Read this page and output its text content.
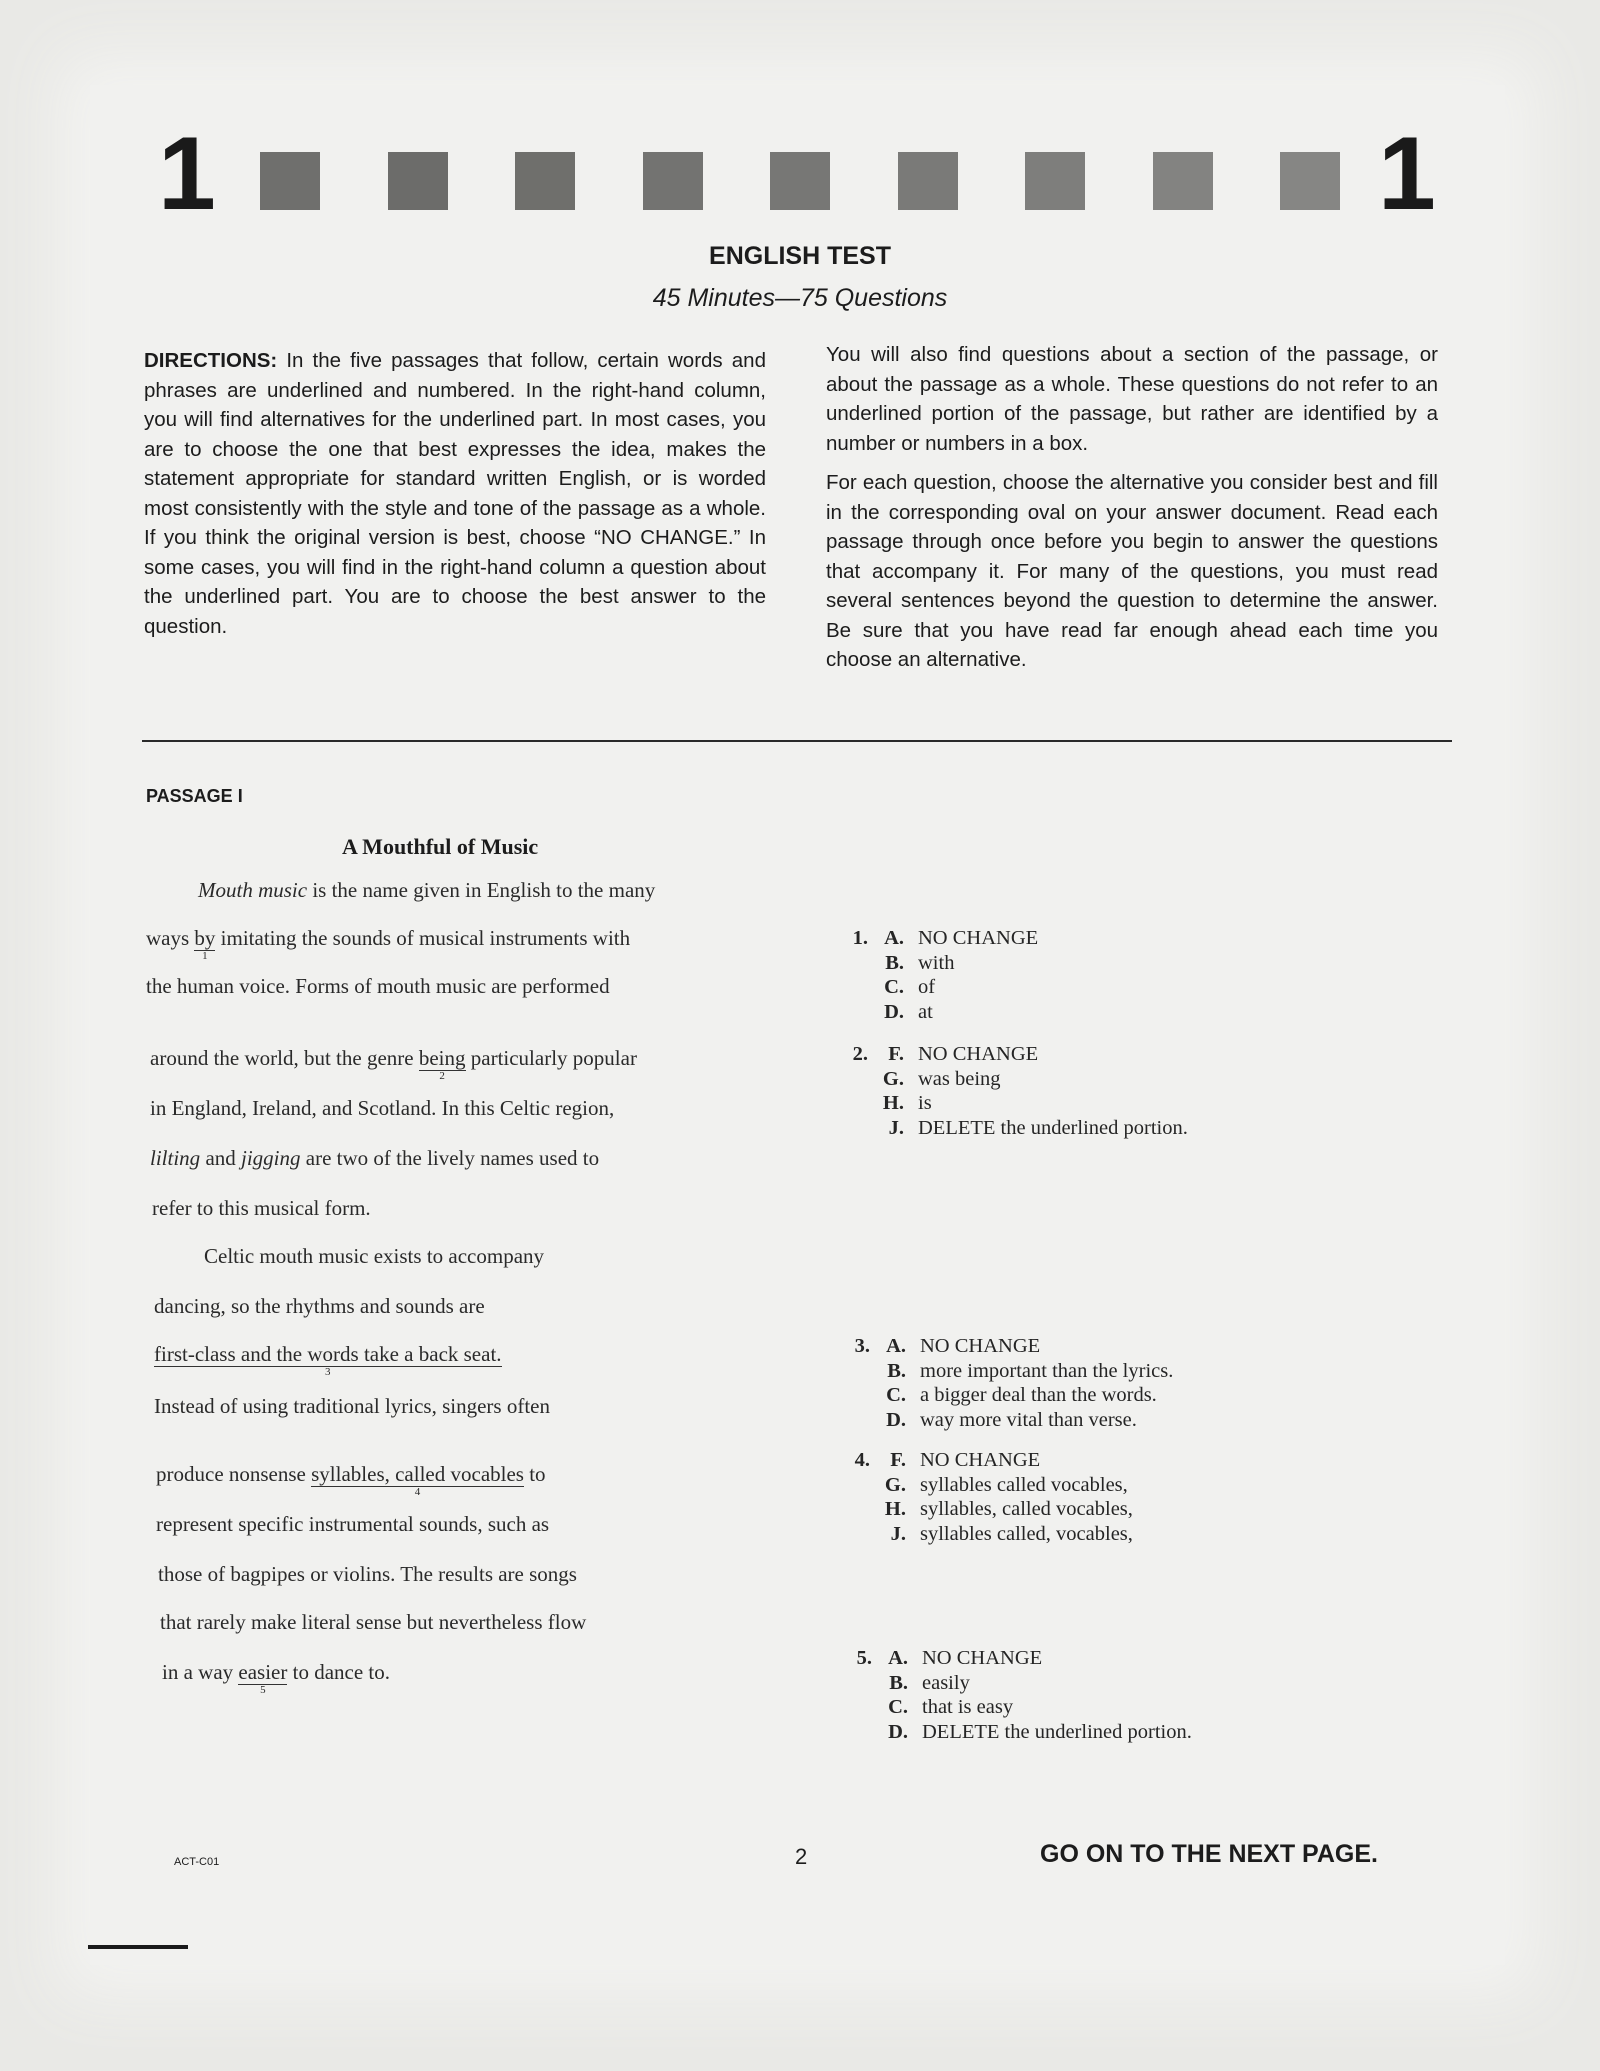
1	1
ENGLISH TEST
45 Minutes—75 Questions

DIRECTIONS: In the five passages that follow, certain words and phrases are underlined and numbered. In the right-hand column, you will find alternatives for the underlined part. In most cases, you are to choose the one that best expresses the idea, makes the statement appropriate for standard written English, or is worded most consistently with the style and tone of the passage as a whole. If you think the original version is best, choose “NO CHANGE.” In some cases, you will find in the right-hand column a question about the underlined part. You are to choose the best answer to the question.

You will also find questions about a section of the passage, or about the passage as a whole. These questions do not refer to an underlined portion of the passage, but rather are identified by a number or numbers in a box.

For each question, choose the alternative you consider best and fill in the corresponding oval on your answer document. Read each passage through once before you begin to answer the questions that accompany it. For many of the questions, you must read several sentences beyond the question to determine the answer. Be sure that you have read far enough ahead each time you choose an alternative.

PASSAGE I
A Mouthful of Music
Mouth music is the name given in English to the many
ways by
1
imitating the sounds of musical instruments with
the human voice. Forms of mouth music are performed
around the world, but the genre being
2
particularly popular
in England, Ireland, and Scotland. In this Celtic region,
lilting and jigging are two of the lively names used to
refer to this musical form.
Celtic mouth music exists to accompany
dancing, so the rhythms and sounds are
first-class and the words take a back seat.
3
Instead of using traditional lyrics, singers often
produce nonsense syllables, called vocables
4
to
represent specific instrumental sounds, such as
those of bagpipes or violins. The results are songs
that rarely make literal sense but nevertheless flow
in a way easier
5
to dance to.
1. A. NO CHANGE
B. with
C. of
D. at
2. F. NO CHANGE
G. was being
H. is
J. DELETE the underlined portion.
3. A. NO CHANGE
B. more important than the lyrics.
C. a bigger deal than the words.
D. way more vital than verse.
4. F. NO CHANGE
G. syllables called vocables,
H. syllables, called vocables,
J. syllables called, vocables,
5. A. NO CHANGE
B. easily
C. that is easy
D. DELETE the underlined portion.
ACT-C01	2	GO ON TO THE NEXT PAGE.
